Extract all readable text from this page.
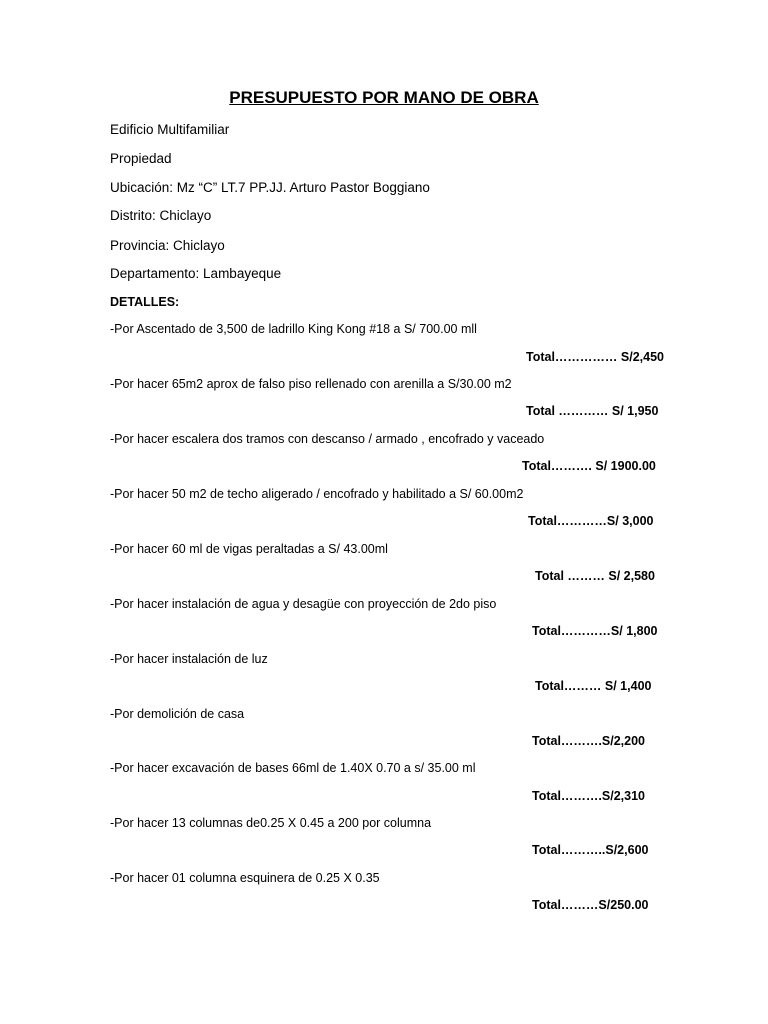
PRESUPUESTO POR MANO DE OBRA
Edificio Multifamiliar
Propiedad
Ubicación: Mz “C” LT.7 PP.JJ. Arturo Pastor Boggiano
Distrito: Chiclayo
Provincia: Chiclayo
Departamento: Lambayeque
DETALLES:
-Por Ascentado de 3,500 de ladrillo King Kong #18 a S/ 700.00 mll
Total…………… S/2,450
-Por hacer 65m2 aprox de falso piso rellenado con arenilla a S/30.00 m2
Total ………… S/ 1,950
-Por hacer escalera dos tramos con descanso / armado , encofrado y vaceado
Total………. S/ 1900.00
-Por hacer 50 m2 de techo aligerado / encofrado y habilitado a S/ 60.00m2
Total…………S/ 3,000
-Por hacer 60 ml de vigas peraltadas a S/ 43.00ml
Total ……… S/ 2,580
-Por hacer instalación de agua y desagüe con proyección de 2do piso
Total…………S/ 1,800
-Por hacer instalación de luz
Total……… S/ 1,400
-Por demolición de casa
Total……….S/2,200
-Por hacer excavación de bases 66ml de 1.40X 0.70 a s/ 35.00 ml
Total……….S/2,310
-Por hacer 13 columnas de0.25 X 0.45 a 200 por columna
Total………..S/2,600
-Por hacer 01 columna esquinera de 0.25 X 0.35
Total………S/250.00
